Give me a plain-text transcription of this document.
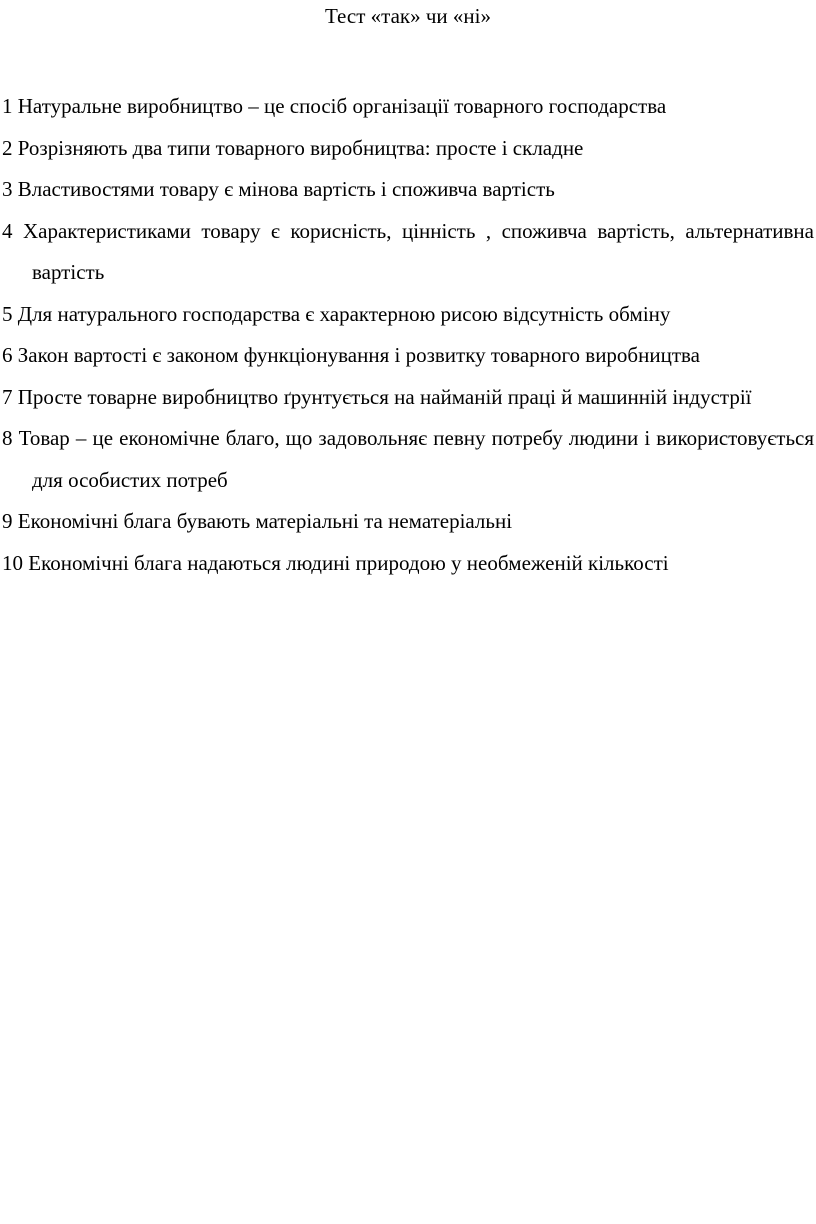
Тест «так» чи «ні»
1 Натуральне виробництво – це спосіб організації товарного господарства
2 Розрізняють два типи товарного виробництва: просте і складне
3 Властивостями товару є мінова вартість і споживча вартість
4 Характеристиками товару є корисність, цінність , споживча вартість, альтернативна вартість
5 Для натурального господарства є характерною рисою відсутність обміну
6 Закон вартості є законом функціонування і розвитку товарного виробництва
7 Просте товарне виробництво ґрунтується на найманій праці й машинній індустрії
8 Товар – це економічне благо, що задовольняє певну потребу людини і використовується для особистих потреб
9 Економічні блага бувають матеріальні та нематеріальні
10 Економічні блага надаються людині природою у необмеженій кількості
